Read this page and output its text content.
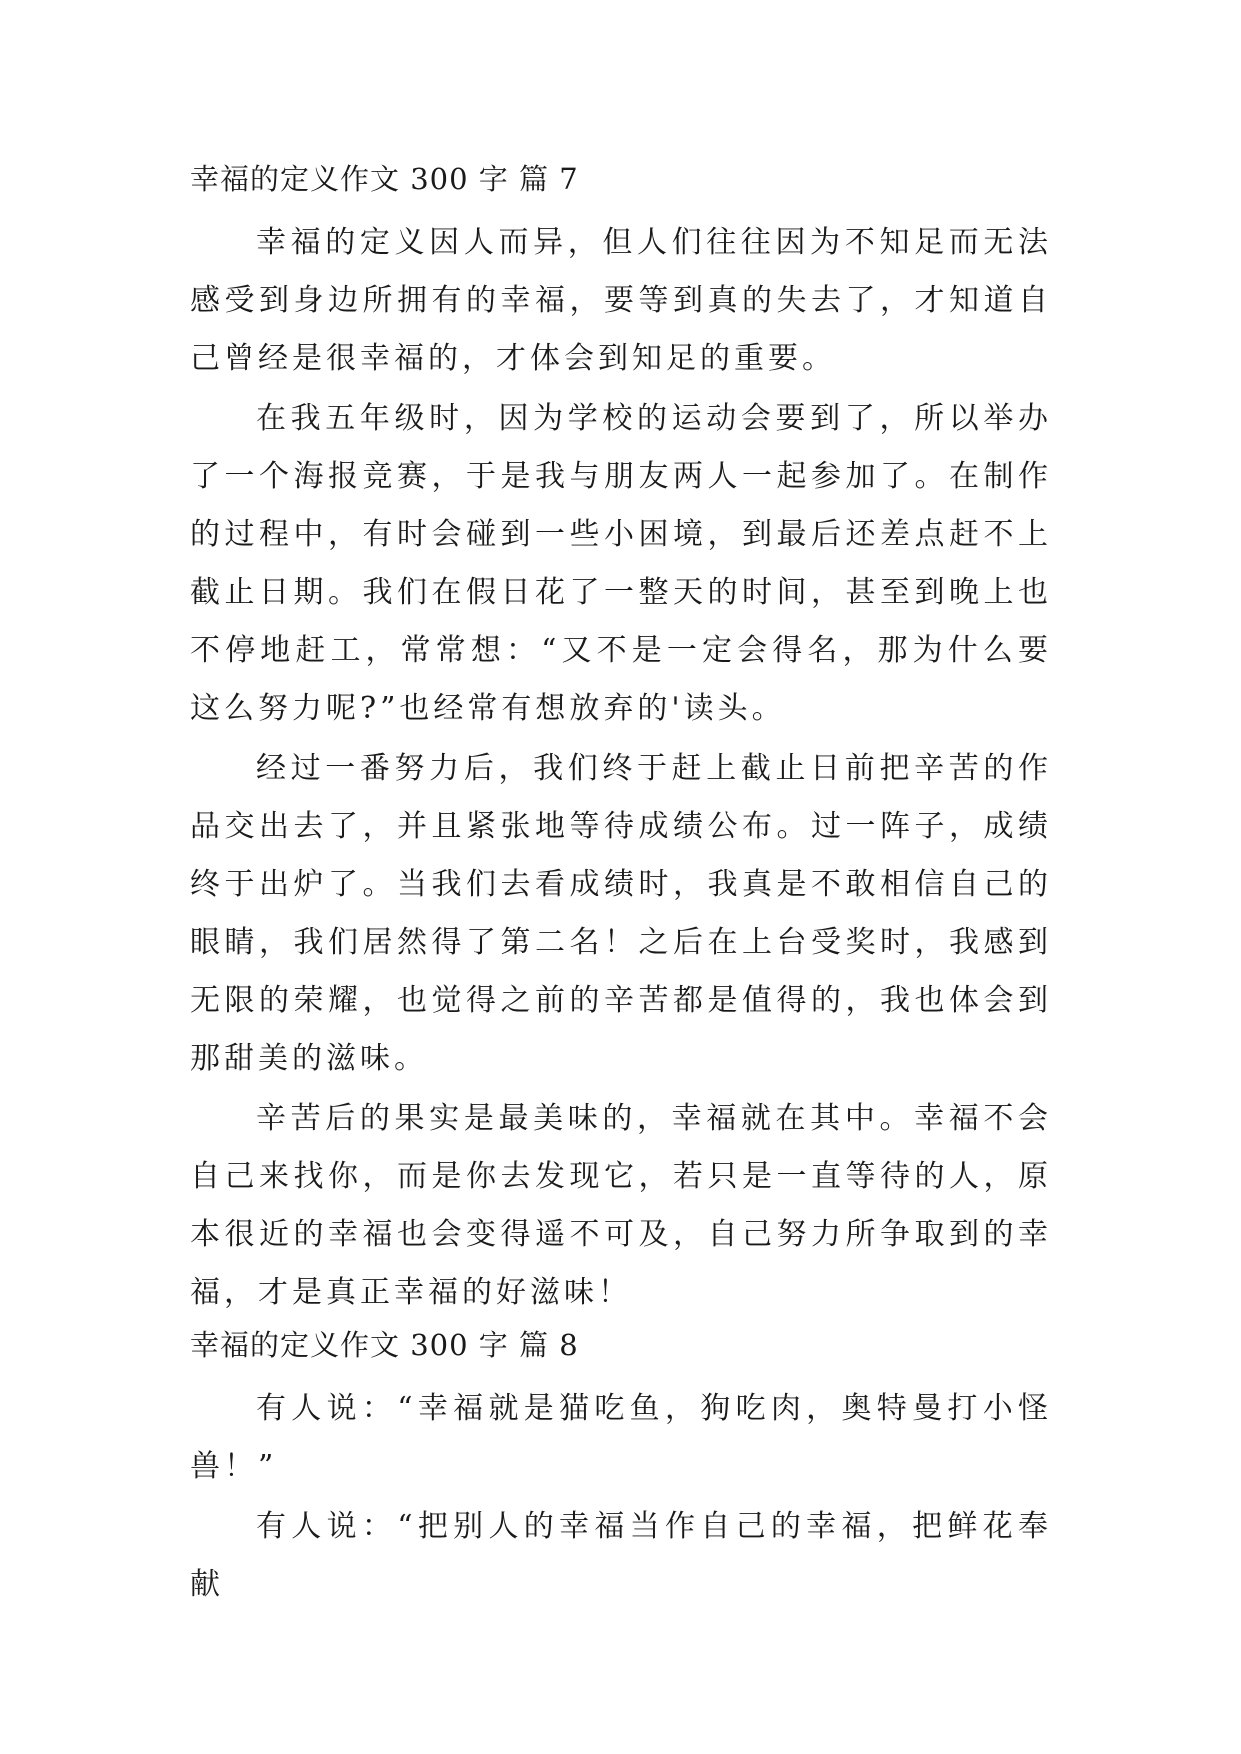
幸福的定义作文 300 字 篇 7

幸福的定义因人而异，但人们往往因为不知足而无法感受到身边所拥有的幸福，要等到真的失去了，才知道自己曾经是很幸福的，才体会到知足的重要。

在我五年级时，因为学校的运动会要到了，所以举办了一个海报竞赛，于是我与朋友两人一起参加了。在制作的过程中，有时会碰到一些小困境，到最后还差点赶不上截止日期。我们在假日花了一整天的时间，甚至到晚上也不停地赶工，常常想：“又不是一定会得名，那为什么要这么努力呢?”也经常有想放弃的'读头。

经过一番努力后，我们终于赶上截止日前把辛苦的作品交出去了，并且紧张地等待成绩公布。过一阵子，成绩终于出炉了。当我们去看成绩时，我真是不敢相信自己的眼睛，我们居然得了第二名！之后在上台受奖时，我感到无限的荣耀，也觉得之前的辛苦都是值得的，我也体会到那甜美的滋味。

辛苦后的果实是最美味的，幸福就在其中。幸福不会自己来找你，而是你去发现它，若只是一直等待的人，原本很近的幸福也会变得遥不可及，自己努力所争取到的幸福，才是真正幸福的好滋味！

幸福的定义作文 300 字 篇 8

有人说：“幸福就是猫吃鱼，狗吃肉，奥特曼打小怪兽！”

有人说：“把别人的幸福当作自己的幸福，把鲜花奉献
